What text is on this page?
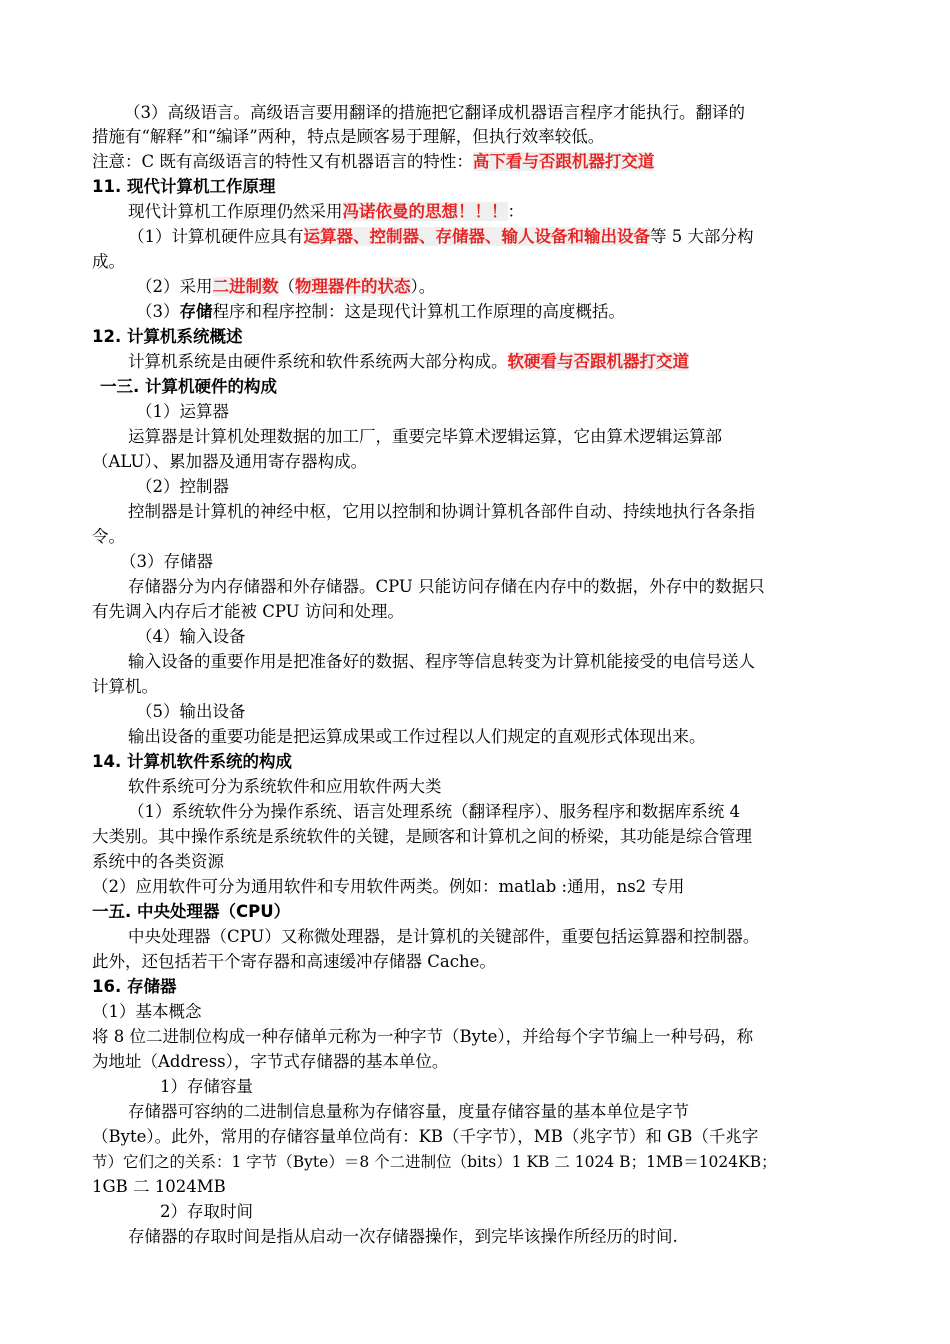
（3）高级语言。高级语言要用翻译的措施把它翻译成机器语言程序才能执行。翻译的
措施有“解释”和“编译”两种，特点是顾客易于理解，但执行效率较低。
注意：C 既有高级语言的特性又有机器语言的特性：高下看与否跟机器打交道
11. 现代计算机工作原理
现代计算机工作原理仍然采用冯诺依曼的思想！！！：
（1）计算机硬件应具有运算器、控制器、存储器、输人设备和输出设备等 5 大部分构
成。
（2）采用二进制数（物理器件的状态）。
（3）存储程序和程序控制：这是现代计算机工作原理的高度概括。
12. 计算机系统概述
计算机系统是由硬件系统和软件系统两大部分构成。软硬看与否跟机器打交道
一三. 计算机硬件的构成
（1）运算器
运算器是计算机处理数据的加工厂，重要完毕算术逻辑运算，它由算术逻辑运算部
（ALU）、累加器及通用寄存器构成。
（2）控制器
控制器是计算机的神经中枢，它用以控制和协调计算机各部件自动、持续地执行各条指
令。
（3）存储器
存储器分为内存储器和外存储器。CPU 只能访问存储在内存中的数据，外存中的数据只
有先调入内存后才能被 CPU 访问和处理。
（4）输入设备
输入设备的重要作用是把准备好的数据、程序等信息转变为计算机能接受的电信号送人
计算机。
（5）输出设备
输出设备的重要功能是把运算成果或工作过程以人们规定的直观形式体现出来。
14. 计算机软件系统的构成
软件系统可分为系统软件和应用软件两大类
（1）系统软件分为操作系统、语言处理系统（翻译程序）、服务程序和数据库系统 4
大类别。其中操作系统是系统软件的关键，是顾客和计算机之间的桥梁，其功能是综合管理
系统中的各类资源
（2）应用软件可分为通用软件和专用软件两类。例如：matlab :通用，ns2 专用
一五. 中央处理器（CPU）
中央处理器（CPU）又称微处理器，是计算机的关键部件，重要包括运算器和控制器。
此外，还包括若干个寄存器和高速缓冲存储器 Cache。
16. 存储器
（1）基本概念
将 8 位二进制位构成一种存储单元称为一种字节（Byte），并给每个字节编上一种号码，称
为地址（Address），字节式存储器的基本单位。
1）存储容量
存储器可容纳的二进制信息量称为存储容量，度量存储容量的基本单位是字节
（Byte）。此外，常用的存储容量单位尚有：KB（千字节），MB（兆字节）和 GB（千兆字
节）它们之的关系：1 字节（Byte）＝8 个二进制位（bits）1 KB 二 1024 B；1MB＝1024KB；
1GB 二 1024MB
2）存取时间
存储器的存取时间是指从启动一次存储器操作，到完毕该操作所经历的时间.
